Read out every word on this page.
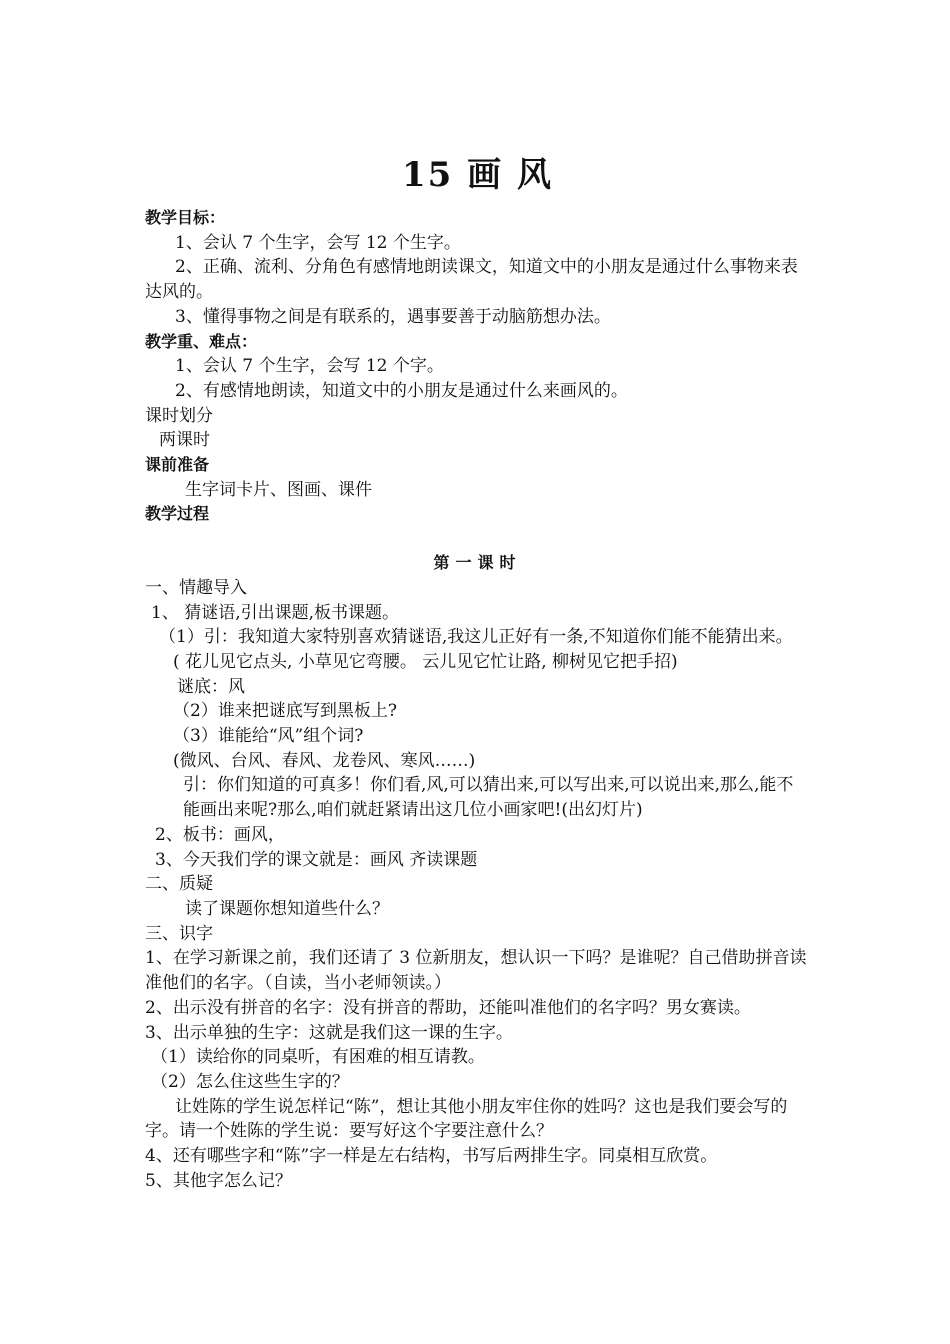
15 画 风

教学目标：

1、会认 7 个生字，会写 12 个生字。

2、正确、流利、分角色有感情地朗读课文，知道文中的小朋友是通过什么事物来表达风的。

3、懂得事物之间是有联系的，遇事要善于动脑筋想办法。

教学重、难点：

1、会认 7 个生字，会写 12 个字。

2、有感情地朗读，知道文中的小朋友是通过什么来画风的。

课时划分

两课时

课前准备

生字词卡片、图画、课件

教学过程

第一课时

一、情趣导入

1、 猜谜语,引出课题,板书课题。

（1）引：我知道大家特别喜欢猜谜语,我这儿正好有一条,不知道你们能不能猜出来。

( 花儿见它点头, 小草见它弯腰。 云儿见它忙让路, 柳树见它把手招)

谜底：风

（2）谁来把谜底写到黑板上?

（3）谁能给“风”组个词?

(微风、台风、春风、龙卷风、寒风……)

引：你们知道的可真多！你们看,风,可以猜出来,可以写出来,可以说出来,那么,能不能画出来呢?那么,咱们就赶紧请出这几位小画家吧!(出幻灯片)

2、板书：画风，

3、今天我们学的课文就是：画风 齐读课题

二、质疑

读了课题你想知道些什么？

三、识字

1、在学习新课之前，我们还请了 3 位新朋友，想认识一下吗？是谁呢？自己借助拼音读准他们的名字。（自读，当小老师领读。）

2、出示没有拼音的名字：没有拼音的帮助，还能叫准他们的名字吗？男女赛读。

3、出示单独的生字：这就是我们这一课的生字。

（1）读给你的同桌听，有困难的相互请教。

（2）怎么住这些生字的？

让姓陈的学生说怎样记“陈”，想让其他小朋友牢住你的姓吗？这也是我们要会写的字。请一个姓陈的学生说：要写好这个字要注意什么？

4、还有哪些字和“陈”字一样是左右结构，书写后两排生字。同桌相互欣赏。

5、其他字怎么记？
